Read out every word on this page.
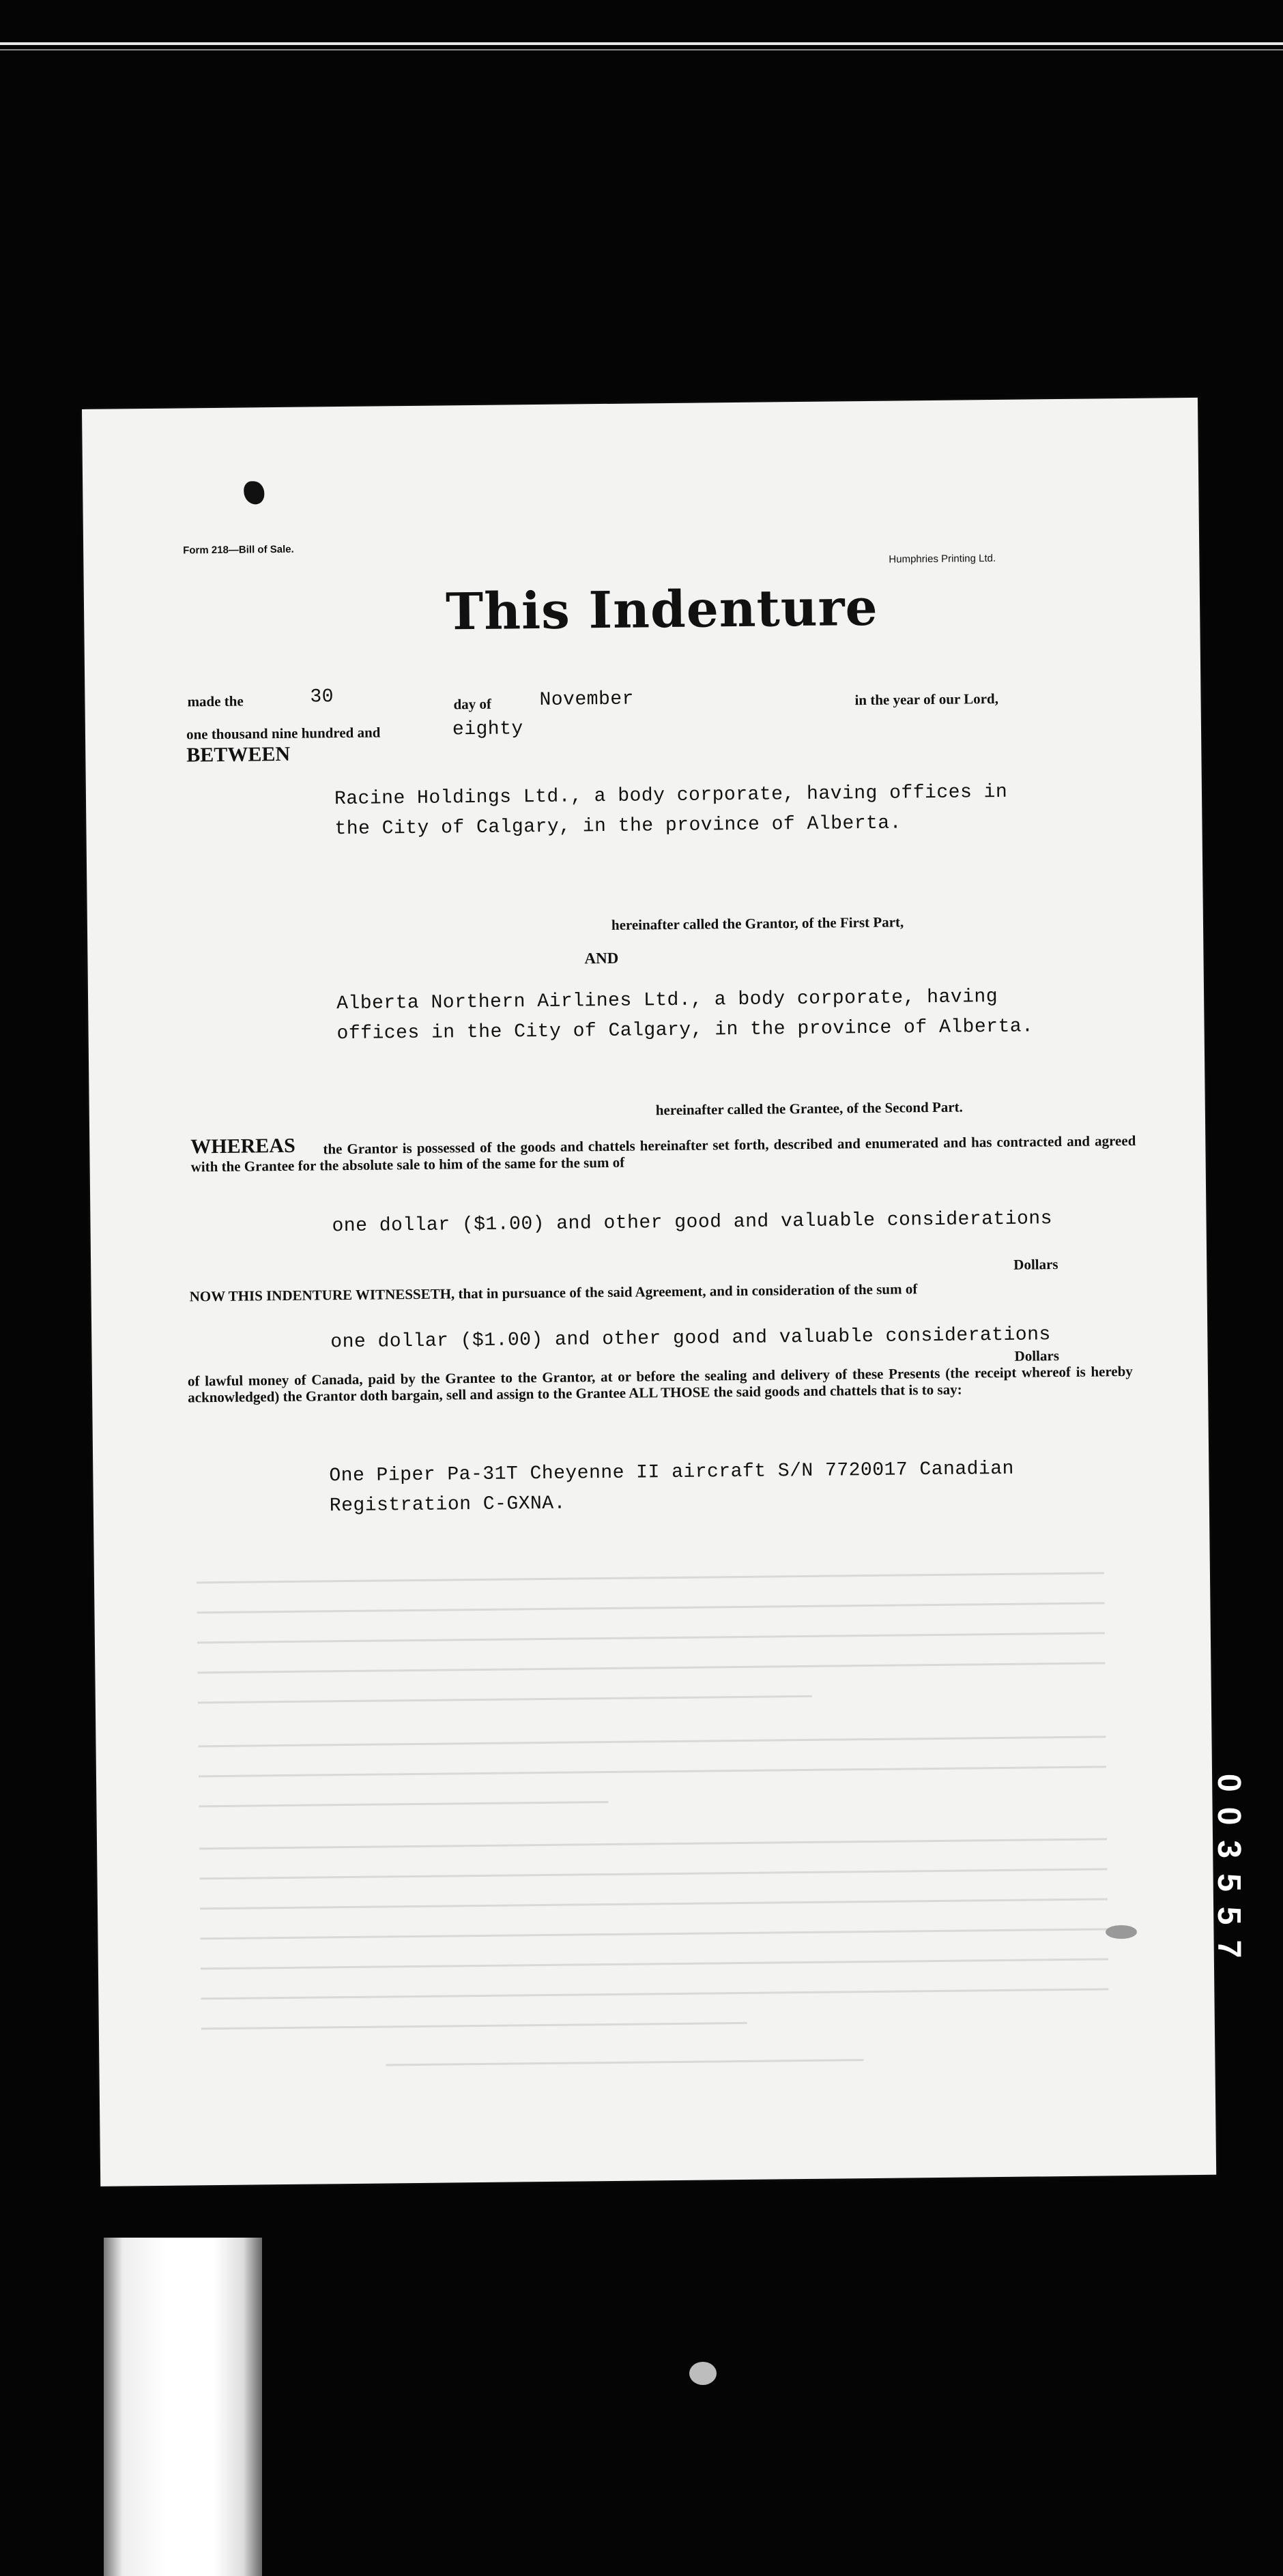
Form 218—Bill of Sale.
Humphries Printing Ltd.
This Indenture
made the	30	day of	November	in the year of our Lord,
one thousand nine hundred and	eighty
BETWEEN
Racine Holdings Ltd., a body corporate, having offices in
the City of Calgary, in the province of Alberta.
hereinafter called the Grantor, of the First Part,
AND
Alberta Northern Airlines Ltd., a body corporate, having
offices in the City of Calgary, in the province of Alberta.
hereinafter called the Grantee, of the Second Part.
WHEREAS	the Grantor is possessed of the goods and chattels hereinafter set forth, described and enumerated and has contracted and agreed with the Grantee for the absolute sale to him of the same for the sum of
one dollar ($1.00) and other good and valuable considerations
Dollars
NOW THIS INDENTURE WITNESSETH, that in pursuance of the said Agreement, and in consideration of the sum of
one dollar ($1.00) and other good and valuable considerations
Dollars
of lawful money of Canada, paid by the Grantee to the Grantor, at or before the sealing and delivery of these Presents (the receipt whereof is hereby acknowledged) the Grantor doth bargain, sell and assign to the Grantee ALL THOSE the said goods and chattels that is to say:
One Piper Pa-31T Cheyenne II aircraft S/N 7720017 Canadian
Registration C-GXNA.
003557
